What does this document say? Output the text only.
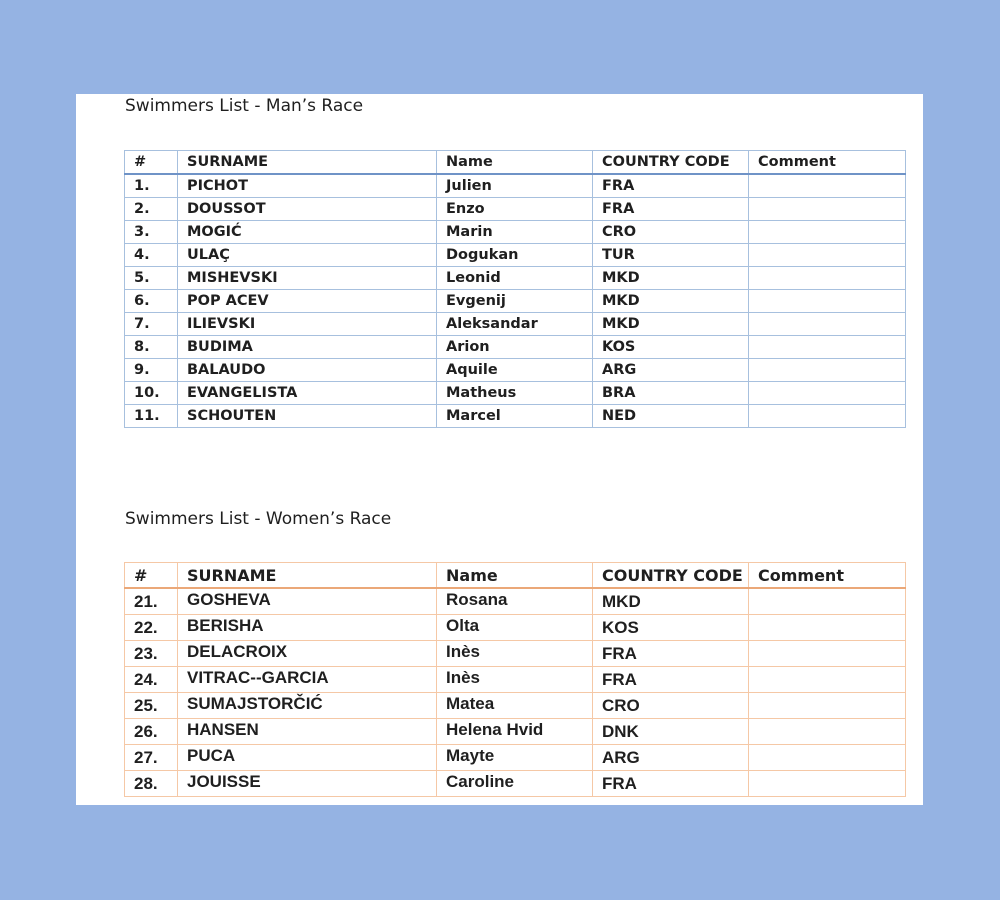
Swimmers List - Man’s Race
#	SURNAME	Name	COUNTRY CODE	Comment
1.	PICHOT	Julien	FRA	
2.	DOUSSOT	Enzo	FRA	
3.	MOGIĆ	Marin	CRO	
4.	ULAÇ	Dogukan	TUR	
5.	MISHEVSKI	Leonid	MKD	
6.	POP ACEV	Evgenij	MKD	
7.	ILIEVSKI	Aleksandar	MKD	
8.	BUDIMA	Arion	KOS	
9.	BALAUDO	Aquile	ARG	
10.	EVANGELISTA	Matheus	BRA	
11.	SCHOUTEN	Marcel	NED	
Swimmers List - Women’s Race
#	SURNAME	Name	COUNTRY CODE	Comment
21.	GOSHEVA	Rosana	MKD	
22.	BERISHA	Olta	KOS	
23.	DELACROIX	Inès	FRA	
24.	VITRAC--GARCIA	Inès	FRA	
25.	SUMAJSTORČIĆ	Matea	CRO	
26.	HANSEN	Helena Hvid	DNK	
27.	PUCA	Mayte	ARG	
28.	JOUISSE	Caroline	FRA	
